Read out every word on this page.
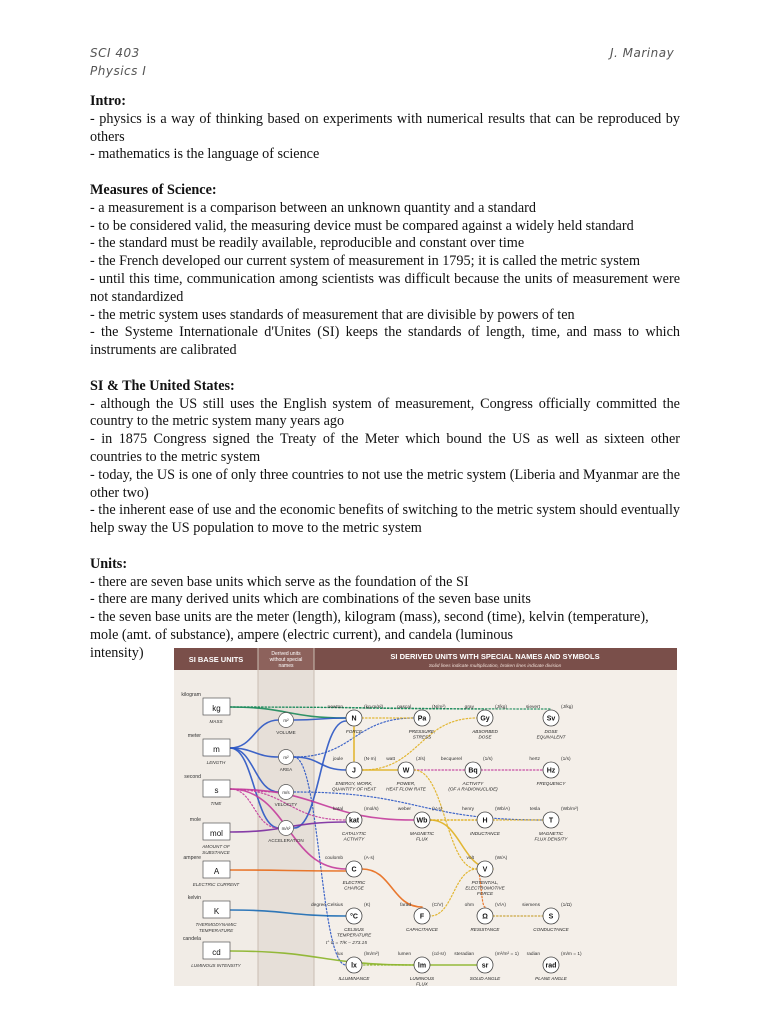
SCI 403
Physics I
J. Marinay

Intro:

- physics is a way of thinking based on experiments with numerical results that can be reproduced by others

- mathematics is the language of science

Measures of Science:

- a measurement is a comparison between an unknown quantity and a standard

- to be considered valid, the measuring device must be compared against a widely held standard

- the standard must be readily available, reproducible and constant over time

- the French developed our current system of measurement in 1795; it is called the metric system

- until this time, communication among scientists was difficult because the units of measurement were not standardized

- the metric system uses standards of measurement that are divisible by powers of ten

- the Systeme Internationale d'Unites (SI) keeps the standards of length, time, and mass to which instruments are calibrated

SI & The United States:

- although the US still uses the English system of measurement, Congress officially committed the country to the metric system many years ago

- in 1875 Congress signed the Treaty of the Meter which bound the US as well as sixteen other countries to the metric system

- today, the US is one of only three countries to not use the metric system (Liberia and Myanmar are the other two)

- the inherent ease of use and the economic benefits of switching to the metric system should eventually help sway the US population to move to the metric system

Units:

- there are seven base units which serve as the foundation of the SI

- there are many derived units which are combinations of the seven base units

- the seven base units are the meter (length), kilogram (mass), second (time), kelvin (temperature),

mole (amt. of substance), ampere (electric current), and candela (luminous

intensity)	SI BASE UNITS
Derived units
without special
names
SI DERIVED UNITS WITH SPECIAL NAMES AND SYMBOLS
Solid lines indicate multiplication, broken lines indicate division
kilogram
kg
MASS
meter
m
LENGTH
second
s
TIME
mole
mol
AMOUNT OF
SUBSTANCE
ampere
A
ELECTRIC CURRENT
kelvin
K
THERMODYNAMIC
TEMPERATURE
candela
cd
LUMINOUS INTENSITY
m²
VOLUME
m²
AREA
m/s
VELOCITY
m/s²
ACCELERATION
newton	(kg·m/s²)
N
FORCE
pascal	(N/m²)
Pa
PRESSURE,
STRESS
gray	(J/kg)
Gy
ABSORBED
DOSE
sievert	(J/kg)
Sv
DOSE
EQUIVALENT
joule	(N·m)
J
ENERGY, WORK,
QUANTITY OF HEAT
watt	(J/s)
W
POWER,
HEAT FLOW RATE
becquerel	(1/s)
Bq
ACTIVITY
(OF A RADIONUCLIDE)
hertz	(1/s)
Hz
FREQUENCY
katal	(mol/s)
kat
CATALYTIC
ACTIVITY
weber	(V·s)
Wb
MAGNETIC
FLUX
henry	(Wb/A)
H
INDUCTANCE
tesla	(Wb/m²)
T
MAGNETIC
FLUX DENSITY
coulomb	(A·s)
C
ELECTRIC
CHARGE
volt	(W/A)
V
POTENTIAL,
ELECTROMOTIVE
FORCE
degree Celsius	(K)
°C
CELSIUS
TEMPERATURE
farad	(C/V)
F
CAPACITANCE
ohm	(V/A)
Ω
RESISTANCE
siemens	(1/Ω)
S
CONDUCTANCE
lux	(lm/m²)
lx
ILLUMINANCE
lumen	(cd·sr)
lm
LUMINOUS
FLUX
steradian	(m²/m² = 1)
sr
SOLID ANGLE
radian	(m/m = 1)
rad
PLANE ANGLE
t° C = T/K – 273.15
